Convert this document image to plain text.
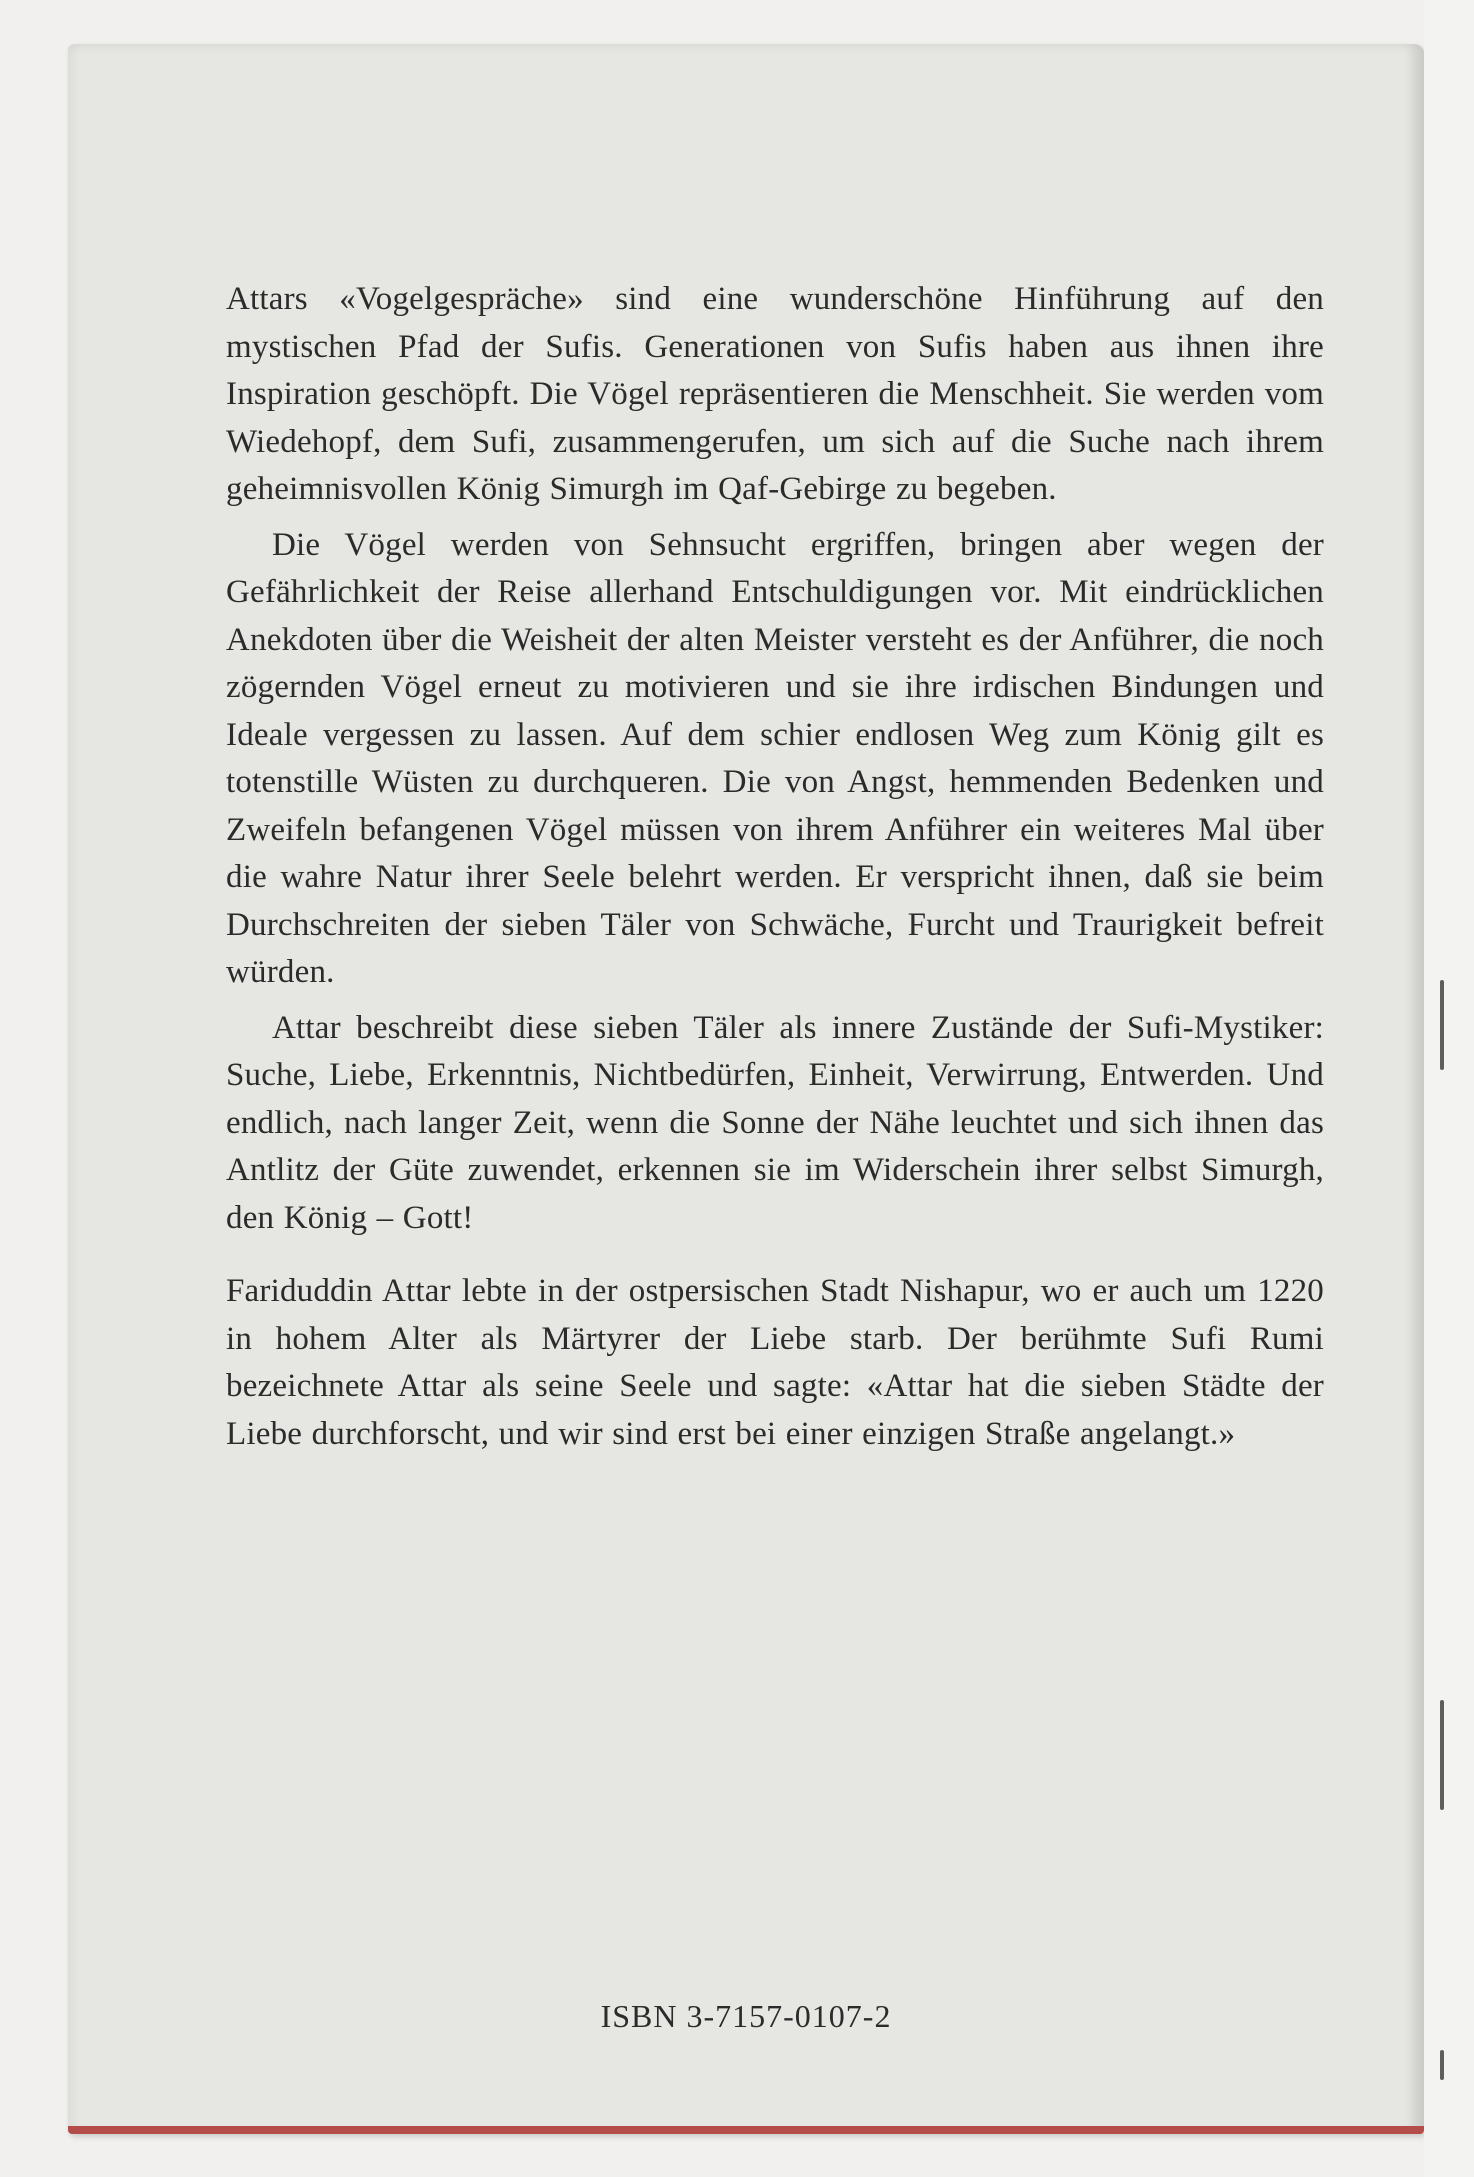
Attars «Vogelgespräche» sind eine wunderschöne Hinführung auf den mystischen Pfad der Sufis. Generationen von Sufis haben aus ihnen ihre Inspiration geschöpft. Die Vögel repräsentieren die Menschheit. Sie werden vom Wiedehopf, dem Sufi, zusammengerufen, um sich auf die Suche nach ihrem geheimnisvollen König Simurgh im Qaf-Gebirge zu begeben.

Die Vögel werden von Sehnsucht ergriffen, bringen aber wegen der Gefährlichkeit der Reise allerhand Entschuldigungen vor. Mit eindrücklichen Anekdoten über die Weisheit der alten Meister versteht es der Anführer, die noch zögernden Vögel erneut zu motivieren und sie ihre irdischen Bindungen und Ideale vergessen zu lassen. Auf dem schier endlosen Weg zum König gilt es totenstille Wüsten zu durchqueren. Die von Angst, hemmenden Bedenken und Zweifeln befangenen Vögel müssen von ihrem Anführer ein weiteres Mal über die wahre Natur ihrer Seele belehrt werden. Er verspricht ihnen, daß sie beim Durchschreiten der sieben Täler von Schwäche, Furcht und Traurigkeit befreit würden.

Attar beschreibt diese sieben Täler als innere Zustände der Sufi-Mystiker: Suche, Liebe, Erkenntnis, Nichtbedürfen, Einheit, Verwirrung, Entwerden. Und endlich, nach langer Zeit, wenn die Sonne der Nähe leuchtet und sich ihnen das Antlitz der Güte zuwendet, erkennen sie im Widerschein ihrer selbst Simurgh, den König – Gott!

Fariduddin Attar lebte in der ostpersischen Stadt Nishapur, wo er auch um 1220 in hohem Alter als Märtyrer der Liebe starb. Der berühmte Sufi Rumi bezeichnete Attar als seine Seele und sagte: «Attar hat die sieben Städte der Liebe durchforscht, und wir sind erst bei einer einzigen Straße angelangt.»

ISBN 3-7157-0107-2
